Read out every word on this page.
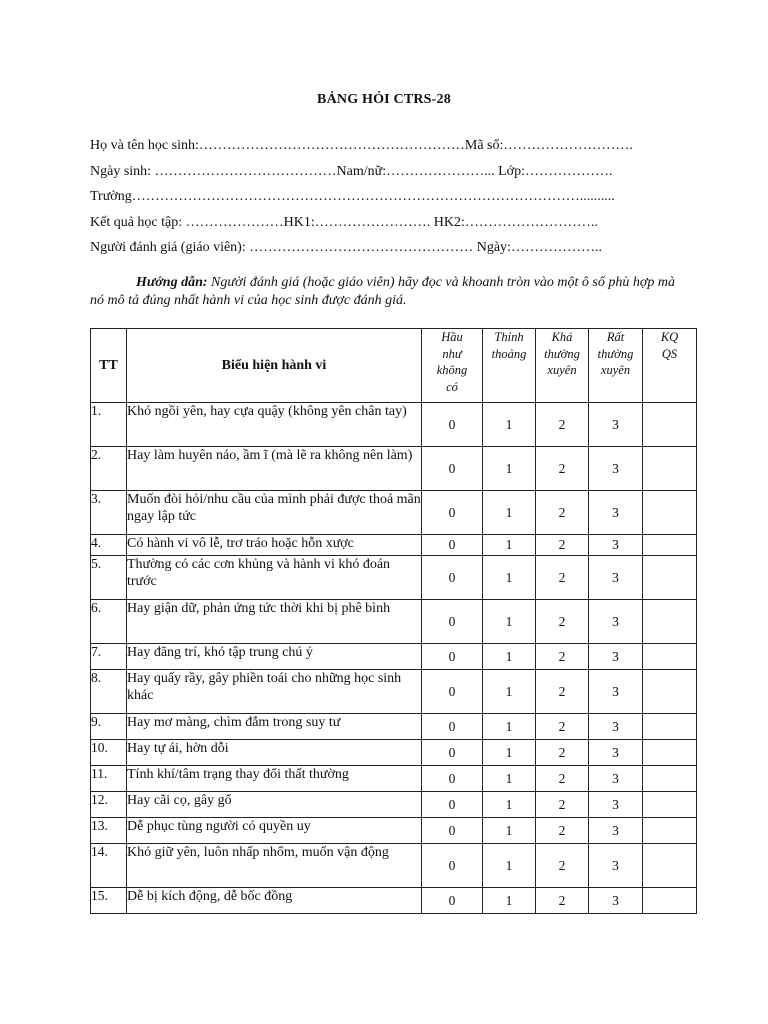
BẢNG HỎI CTRS-28
Họ và tên học sinh:…………………………………………………Mã số:……………………….
Ngày sinh: …………………………………Nam/nữ:…………………... Lớp:……………….
Trường……………………………………………………………………………………..........
Kết quả học tập: …………………HK1:……………………. HK2:………………………..
Người đánh giá (giáo viên): ………………………………………… Ngày:………………..
Hướng dẫn: Người đánh giá (hoặc giáo viên) hãy đọc và khoanh tròn vào một ô số phù hợp mà nó mô tả đúng nhất hành vi của học sinh được đánh giá.
TT	Biểu hiện hành vi	Hầu
như
không
có	Thỉnh
thoảng	Khá
thường
xuyên	Rất
thường
xuyên	KQ
QS

1.	Khó ngồi yên, hay cựa quậy (không yên chân tay)	0	1	2	3	
2.	Hay làm huyên náo, ầm ĩ (mà lẽ ra không nên làm)	0	1	2	3	
3.	Muốn đòi hỏi/nhu cầu của mình phải được thoả mãn ngay lập tức	0	1	2	3	
4.	Có hành vi vô lễ, trơ tráo hoặc hỗn xược	0	1	2	3	
5.	Thường có các cơn khủng và hành vi khó đoán trước	0	1	2	3	
6.	Hay giận dữ, phản ứng tức thời khi bị phê bình	0	1	2	3	
7.	Hay đãng trí, khó tập trung chú ý	0	1	2	3	
8.	Hay quấy rầy, gây phiền toái cho những học sinh khác	0	1	2	3	
9.	Hay mơ màng, chìm đắm trong suy tư	0	1	2	3	
10.	Hay tự ái, hờn dỗi	0	1	2	3	
11.	Tính khí/tâm trạng thay đổi thất thường	0	1	2	3	
12.	Hay cãi cọ, gây gổ	0	1	2	3	
13.	Dễ phục tùng người có quyền uy	0	1	2	3	
14.	Khó giữ yên, luôn nhấp nhổm, muốn vận động	0	1	2	3	
15.	Dễ bị kích động, dễ bốc đồng	0	1	2	3	
